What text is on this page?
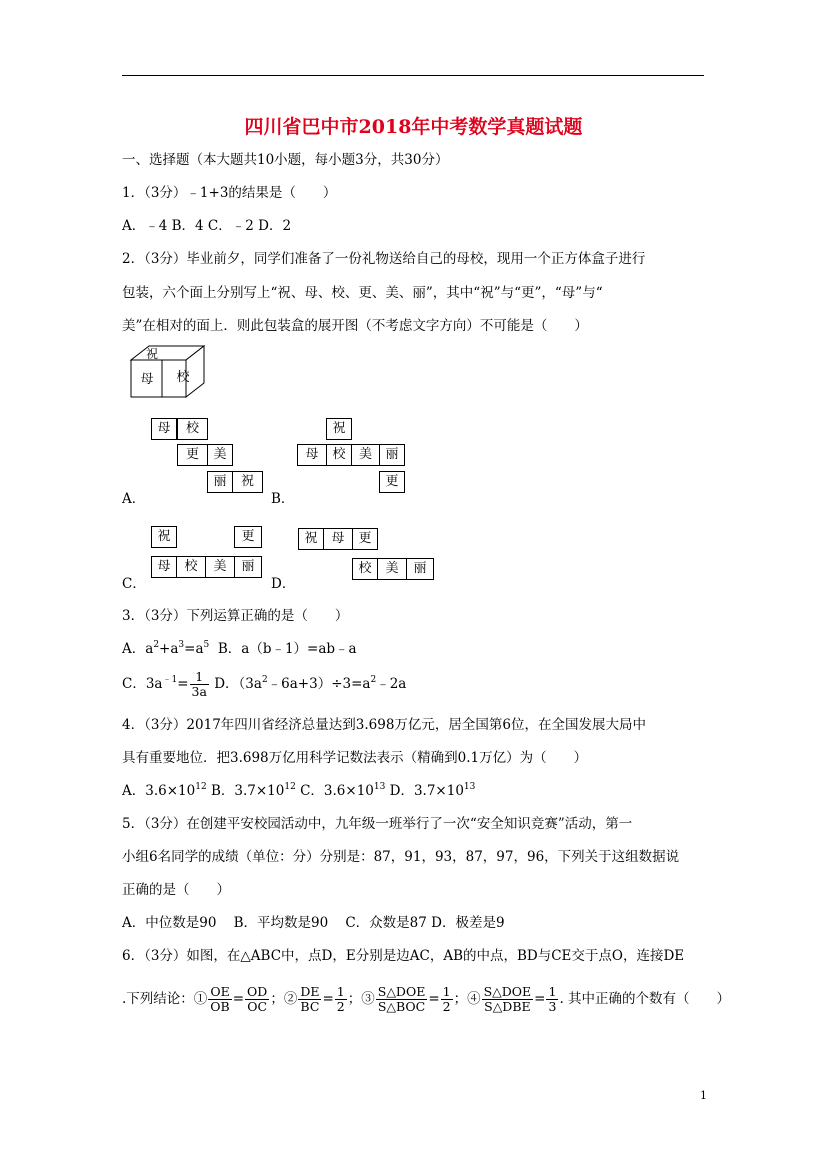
四川省巴中市2018年中考数学真题试题
一、选择题（本大题共10小题，每小题3分，共30分）
1．（3分）﹣1+3的结果是（　　）
A．﹣4 B．4 C．﹣2 D．2
2．（3分）毕业前夕，同学们准备了一份礼物送给自己的母校，现用一个正方体盒子进行
包装，六个面上分别写上“祝、母、校、更、美、丽”，其中“祝”与“更”，“母”与“
美”在相对的面上．则此包装盒的展开图（不考虑文字方向）不可能是（　　）
祝
母 校
母	校
更	美
丽	祝
A．
祝
母	校	美	丽
更
B．
祝	更
母	校	美	丽
C．
祝	母	更
校	美	丽
D．
3．（3分）下列运算正确的是（　　）
A．$a^2+a^3=a^5$  B．a（b﹣1）=ab﹣a
C．$3a^{﹣1}= \frac{1}{3a}$ D．$(3a^2﹣6a+3)\div 3=a^2﹣2a$
4．（3分）2017年四川省经济总量达到3.698万亿元，居全国第6位，在全国发展大局中
具有重要地位．把3.698万亿用科学记数法表示（精确到0.1万亿）为（　　）
A．$3.6\times 10^{12}$ B．$3.7\times 10^{12}$ C．$3.6\times 10^{13}$ D．$3.7\times 10^{13}$
5．（3分）在创建平安校园活动中，九年级一班举行了一次“安全知识竞赛”活动，第一
小组6名同学的成绩（单位：分）分别是：87，91，93，87，97，96，下列关于这组数据说
正确的是（　　）
A．中位数是90    B．平均数是90    C．众数是87 D．极差是9
6．（3分）如图，在△ABC中，点D，E分别是边AC，AB的中点，BD与CE交于点O，连接DE
.下列结论：① $\frac{OE}{OB} = \frac{OD}{OC}$ ；② $\frac{DE}{BC} = \frac{1}{2}$ ；③ $\frac{\text{S△DOE}}{\text{S△BOC}} = \frac{1}{2}$ ；④ $\frac{\text{S△DOE}}{\text{S△DBE}} = \frac{1}{3}$ . 其中正确的个数有（　　）
1
